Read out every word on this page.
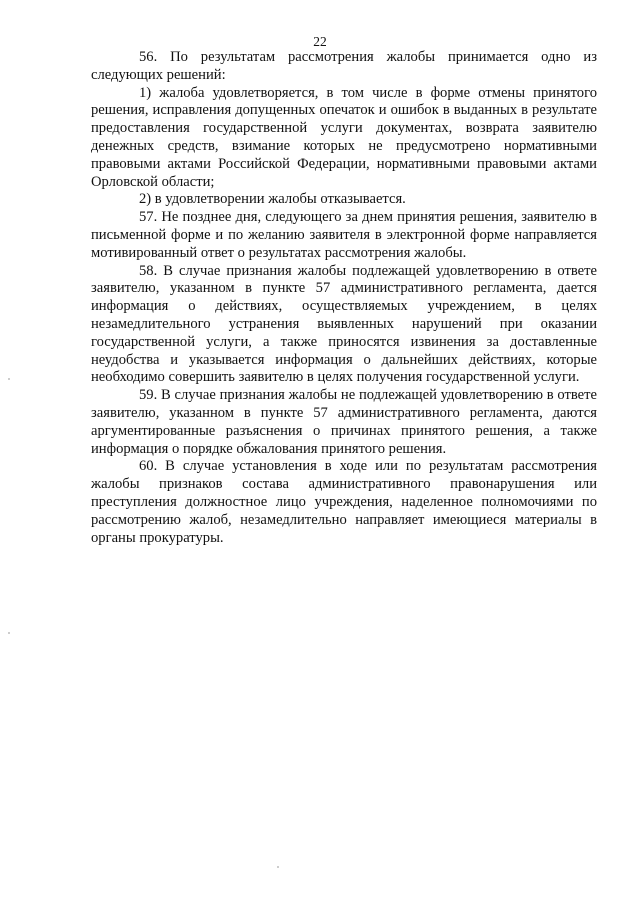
22

56. По результатам рассмотрения жалобы принимается одно из следующих решений:

1) жалоба удовлетворяется, в том числе в форме отмены принятого решения, исправления допущенных опечаток и ошибок в выданных в результате предоставления государственной услуги документах, возврата заявителю денежных средств, взимание которых не предусмотрено нормативными правовыми актами Российской Федерации, нормативными правовыми актами Орловской области;

2) в удовлетворении жалобы отказывается.

57. Не позднее дня, следующего за днем принятия решения, заявителю в письменной форме и по желанию заявителя в электронной форме направляется мотивированный ответ о результатах рассмотрения жалобы.

58. В случае признания жалобы подлежащей удовлетворению в ответе заявителю, указанном в пункте 57 административного регламента, дается информация о действиях, осуществляемых учреждением, в целях незамедлительного устранения выявленных нарушений при оказании государственной услуги, а также приносятся извинения за доставленные неудобства и указывается информация о дальнейших действиях, которые необходимо совершить заявителю в целях получения государственной услуги.

59. В случае признания жалобы не подлежащей удовлетворению в ответе заявителю, указанном в пункте 57 административного регламента, даются аргументированные разъяснения о причинах принятого решения, а также информация о порядке обжалования принятого решения.

60. В случае установления в ходе или по результатам рассмотрения жалобы признаков состава административного правонарушения или преступления должностное лицо учреждения, наделенное полномочиями по рассмотрению жалоб, незамедлительно направляет имеющиеся материалы в органы прокуратуры.
